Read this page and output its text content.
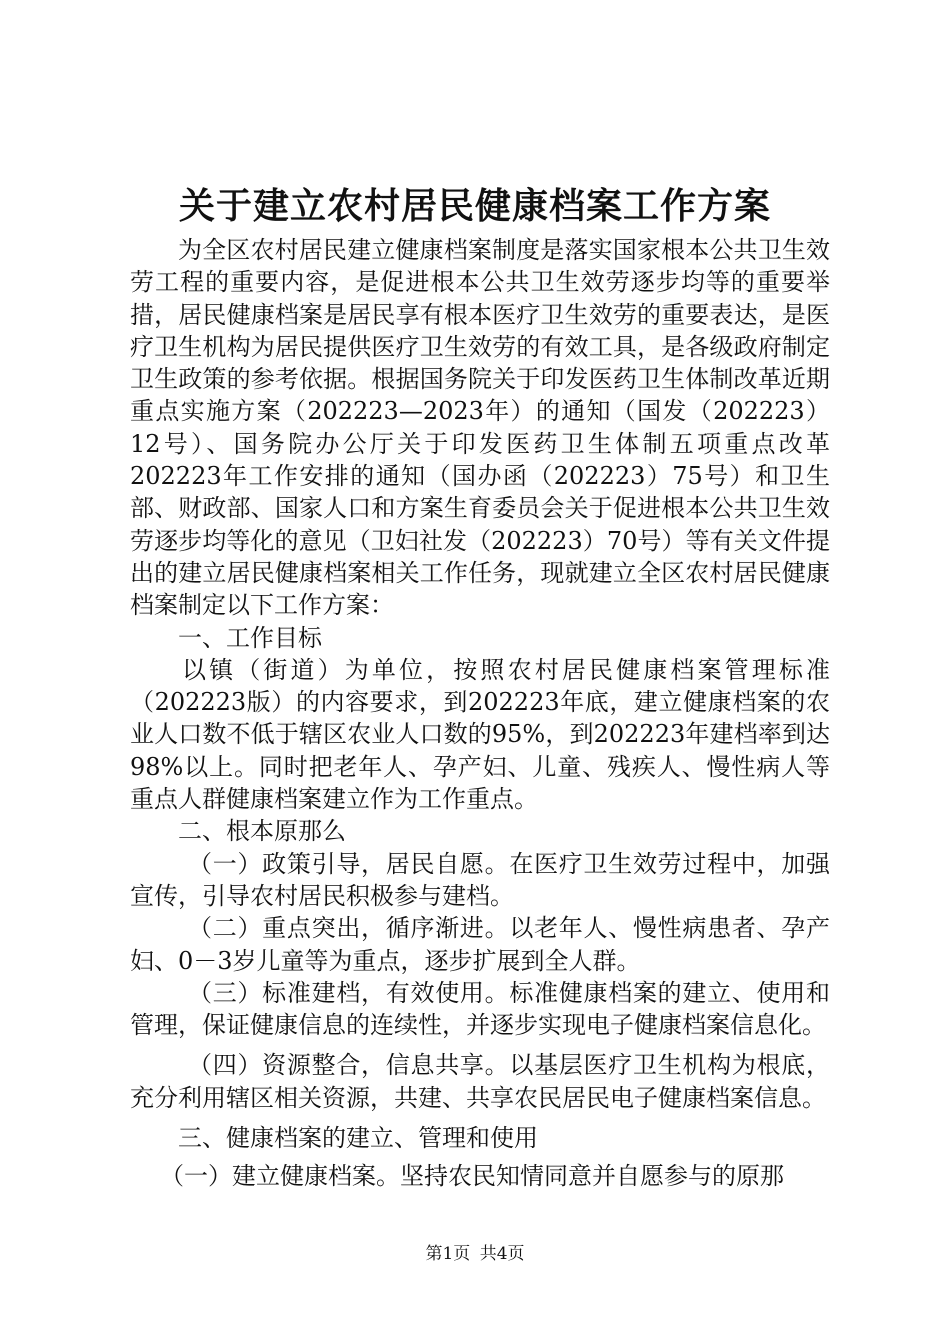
关于建立农村居民健康档案工作方案

为全区农村居民建立健康档案制度是落实国家根本公共卫生效劳工程的重要内容，是促进根本公共卫生效劳逐步均等的重要举措，居民健康档案是居民享有根本医疗卫生效劳的重要表达，是医疗卫生机构为居民提供医疗卫生效劳的有效工具，是各级政府制定卫生政策的参考依据。根据国务院关于印发医药卫生体制改革近期重点实施方案（202223—2023年）的通知（国发（202223）12号）、国务院办公厅关于印发医药卫生体制五项重点改革202223年工作安排的通知（国办函（202223）75号）和卫生部、财政部、国家人口和方案生育委员会关于促进根本公共卫生效劳逐步均等化的意见（卫妇社发（202223）70号）等有关文件提出的建立居民健康档案相关工作任务，现就建立全区农村居民健康档案制定以下工作方案：

一、工作目标

以镇（街道）为单位，按照农村居民健康档案管理标准（202223版）的内容要求，到202223年底，建立健康档案的农业人口数不低于辖区农业人口数的95%，到202223年建档率到达98%以上。同时把老年人、孕产妇、儿童、残疾人、慢性病人等重点人群健康档案建立作为工作重点。

二、根本原那么

（一）政策引导，居民自愿。在医疗卫生效劳过程中，加强宣传，引导农村居民积极参与建档。

（二）重点突出，循序渐进。以老年人、慢性病患者、孕产妇、0－3岁儿童等为重点，逐步扩展到全人群。

（三）标准建档，有效使用。标准健康档案的建立、使用和管理，保证健康信息的连续性，并逐步实现电子健康档案信息化。

（四）资源整合，信息共享。以基层医疗卫生机构为根底，充分利用辖区相关资源，共建、共享农民居民电子健康档案信息。

三、健康档案的建立、管理和使用

（一）建立健康档案。坚持农民知情同意并自愿参与的原那

第1页 共4页
